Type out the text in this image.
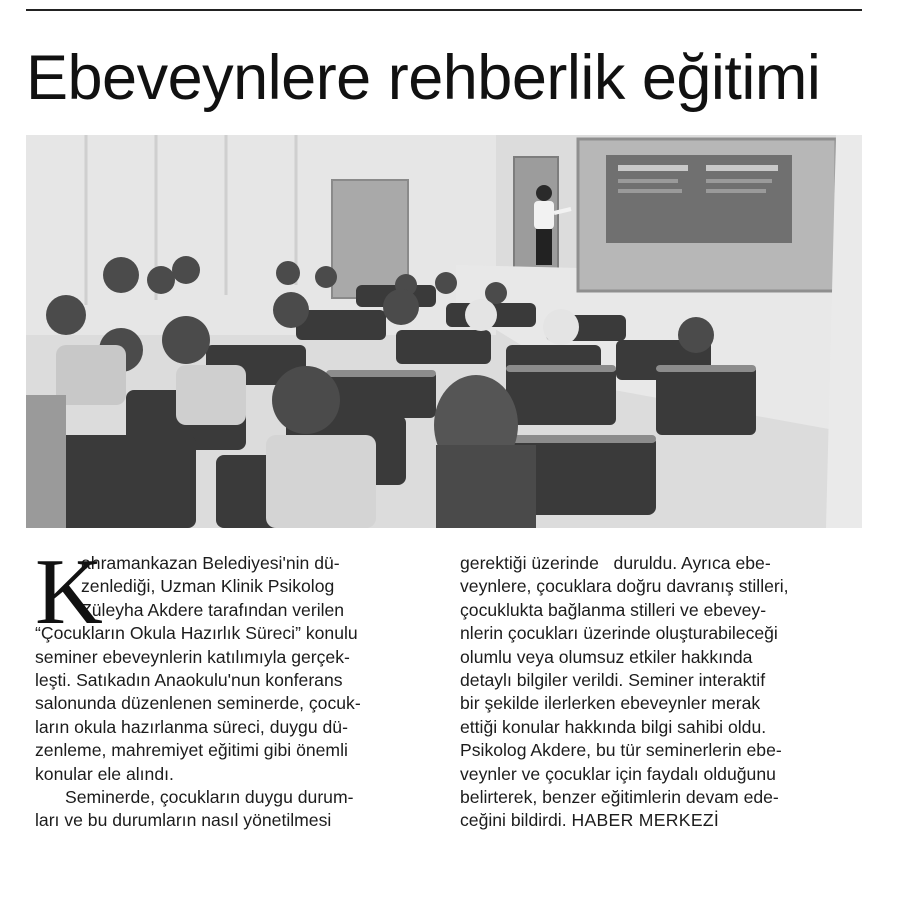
Ebeveynlere rehberlik eğitimi
K
ahramankazan Belediyesi'nin dü-
zenlediği, Uzman Klinik Psikolog
Züleyha Akdere tarafından verilen
“Çocukların Okula Hazırlık Süreci” konulu
seminer ebeveynlerin katılımıyla gerçek-
leşti. Satıkadın Anaokulu'nun konferans
salonunda düzenlenen seminerde, çocuk-
ların okula hazırlanma süreci, duygu dü-
zenleme, mahremiyet eğitimi gibi önemli
konular ele alındı.
Seminerde, çocukların duygu durum-
ları ve bu durumların nasıl yönetilmesi
gerektiği üzerinde   duruldu. Ayrıca ebe-
veynlere, çocuklara doğru davranış stilleri,
çocuklukta bağlanma stilleri ve ebevey-
nlerin çocukları üzerinde oluşturabileceği
olumlu veya olumsuz etkiler hakkında
detaylı bilgiler verildi. Seminer interaktif
bir şekilde ilerlerken ebeveynler merak
ettiği konular hakkında bilgi sahibi oldu.
Psikolog Akdere, bu tür seminerlerin ebe-
veynler ve çocuklar için faydalı olduğunu
belirterek, benzer eğitimlerin devam ede-
ceğini bildirdi. HABER MERKEZİ
